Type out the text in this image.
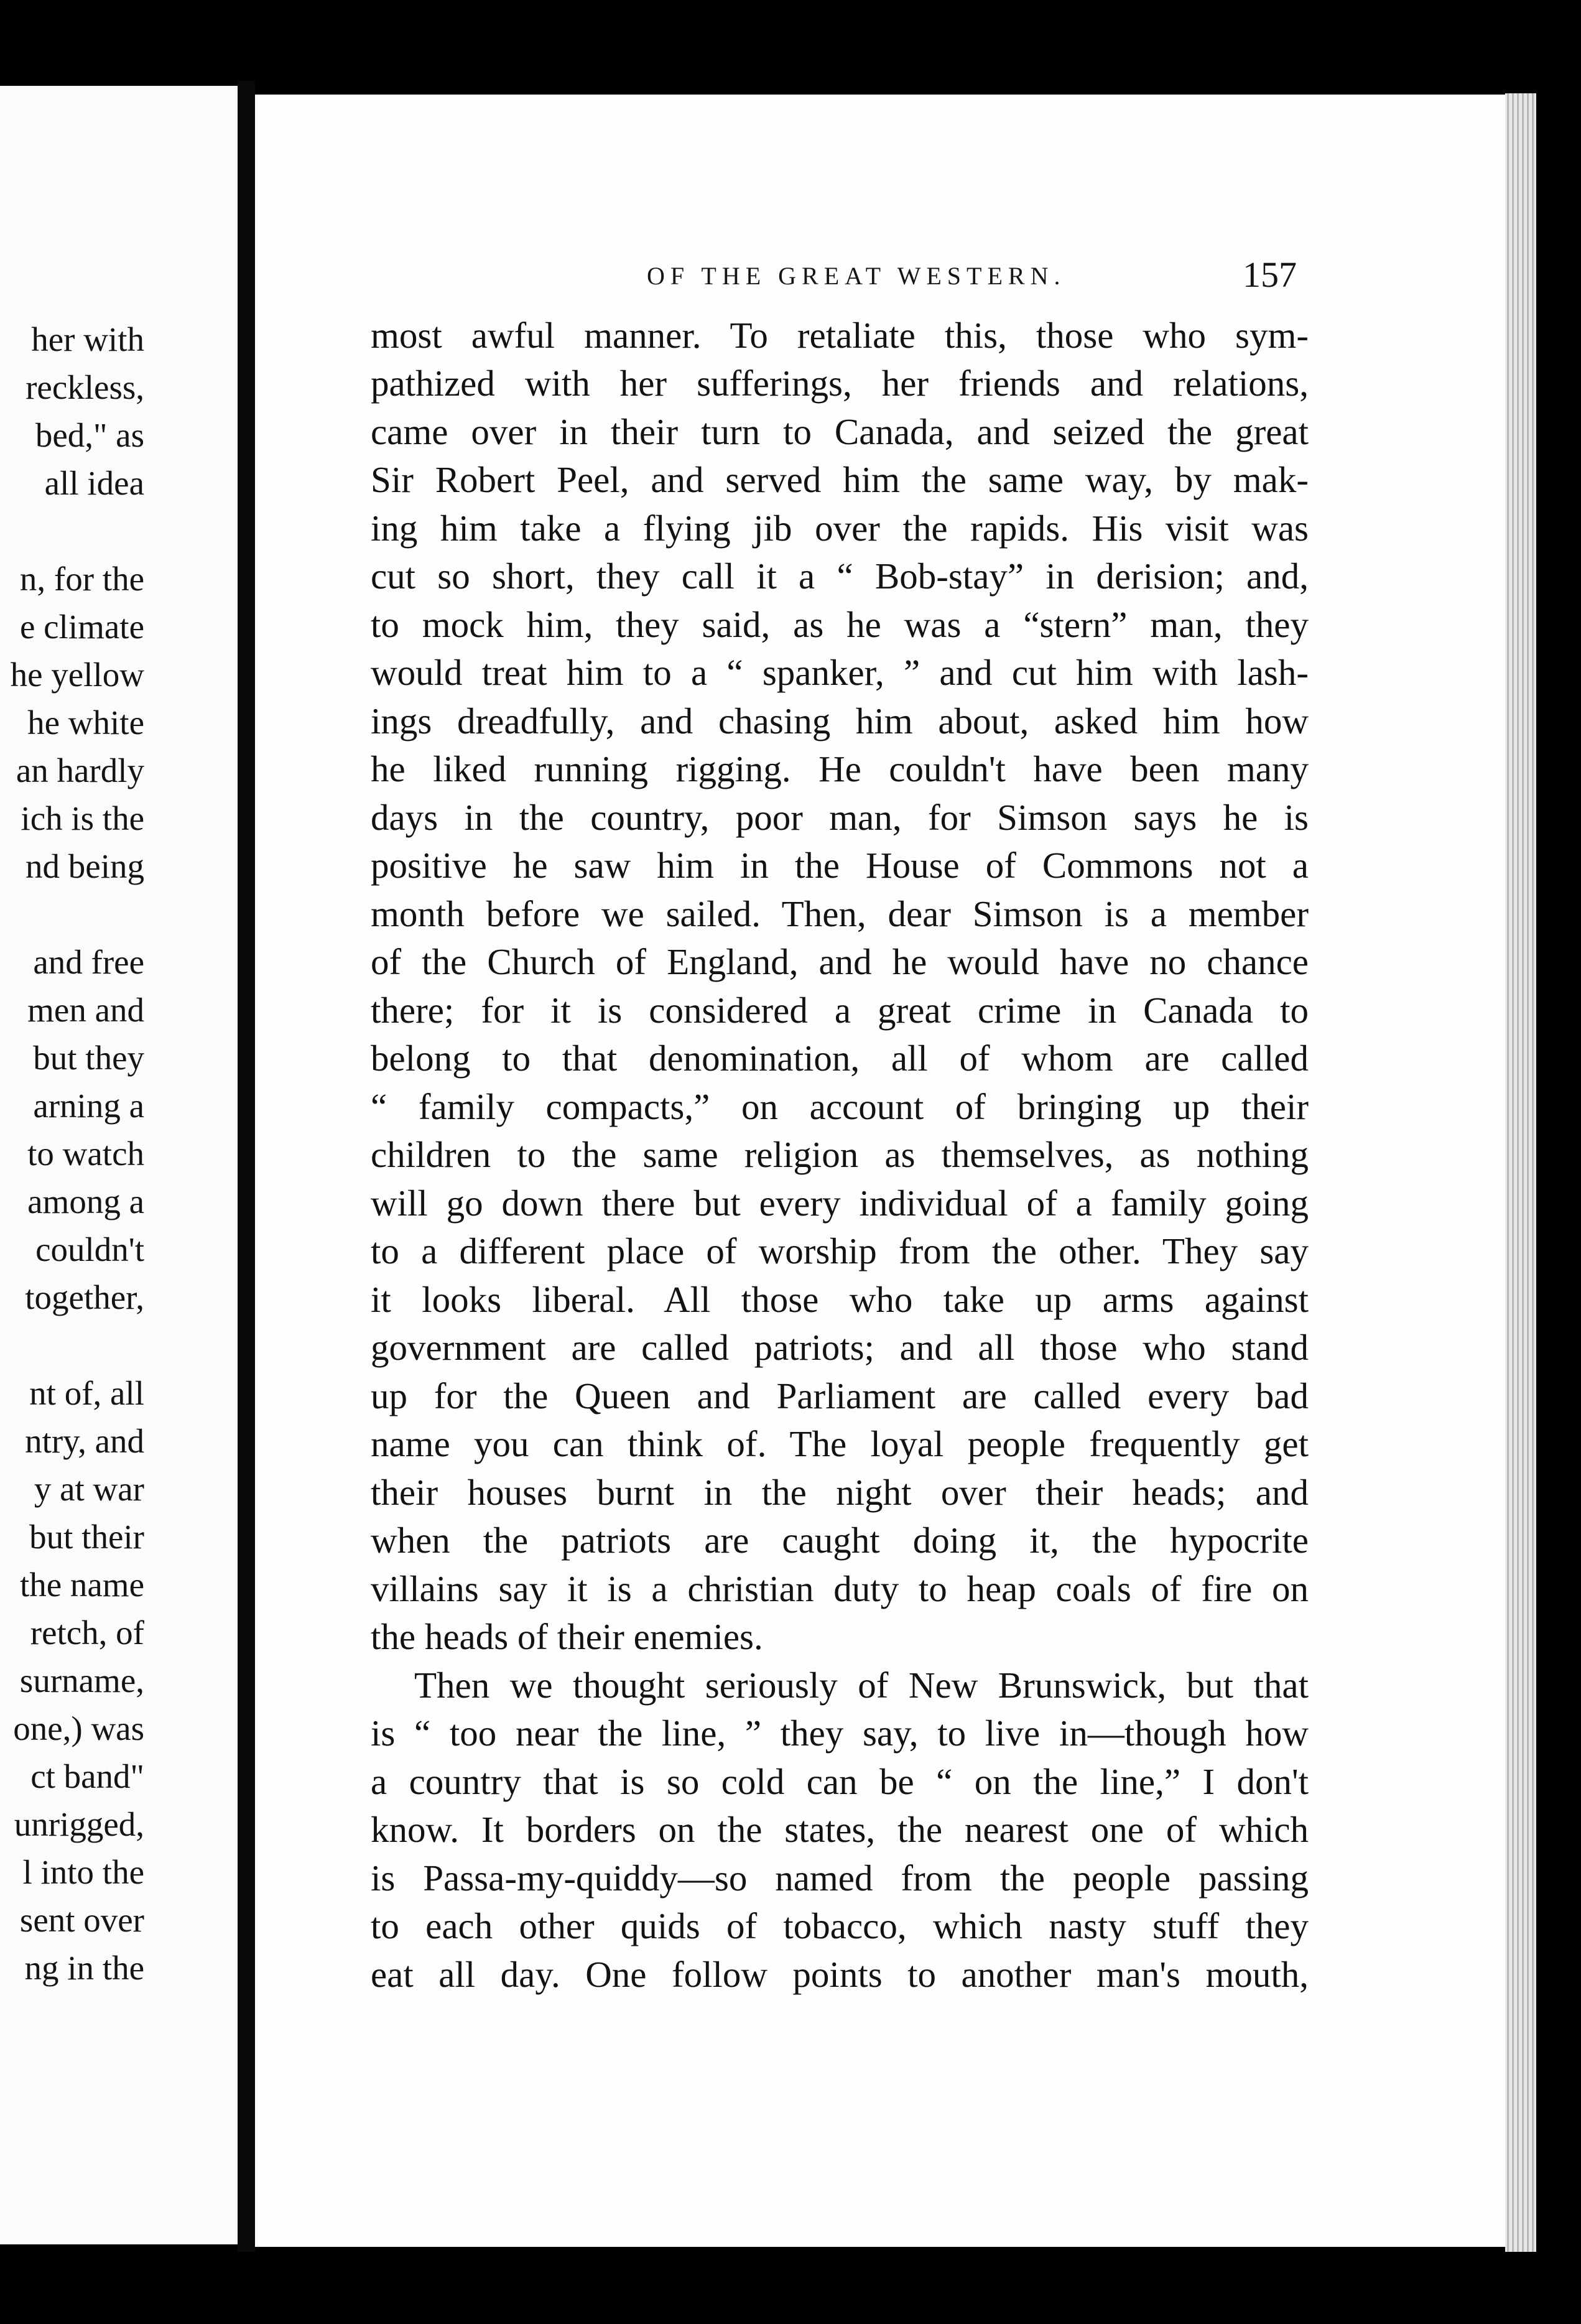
her with
reckless,
bed," as
all idea
n, for the
e climate
he yellow
he white
an hardly
ich is the
nd being
and free
men and
but they
arning a
to watch
among a
couldn't
together,
nt of, all
ntry, and
y at war
but their
the name
retch, of
surname,
one,) was
ct band"
unrigged,
l into the
sent over
ng in the
OF THE GREAT WESTERN.	157
most awful manner. To retaliate this, those who sym-
pathized with her sufferings, her friends and relations,
came over in their turn to Canada, and seized the great
Sir Robert Peel, and served him the same way, by mak-
ing him take a flying jib over the rapids. His visit was
cut so short, they call it a “ Bob-stay” in derision; and,
to mock him, they said, as he was a “stern” man, they
would treat him to a “ spanker, ” and cut him with lash-
ings dreadfully, and chasing him about, asked him how
he liked running rigging. He couldn't have been many
days in the country, poor man, for Simson says he is
positive he saw him in the House of Commons not a
month before we sailed. Then, dear Simson is a member
of the Church of England, and he would have no chance
there; for it is considered a great crime in Canada to
belong to that denomination, all of whom are called
“ family compacts,” on account of bringing up their
children to the same religion as themselves, as nothing
will go down there but every individual of a family going
to a different place of worship from the other. They say
it looks liberal. All those who take up arms against
government are called patriots; and all those who stand
up for the Queen and Parliament are called every bad
name you can think of. The loyal people frequently get
their houses burnt in the night over their heads; and
when the patriots are caught doing it, the hypocrite
villains say it is a christian duty to heap coals of fire on
the heads of their enemies.
Then we thought seriously of New Brunswick, but that
is “ too near the line, ” they say, to live in—though how
a country that is so cold can be “ on the line,” I don't
know. It borders on the states, the nearest one of which
is Passa-my-quiddy—so named from the people passing
to each other quids of tobacco, which nasty stuff they
eat all day. One follow points to another man's mouth,
